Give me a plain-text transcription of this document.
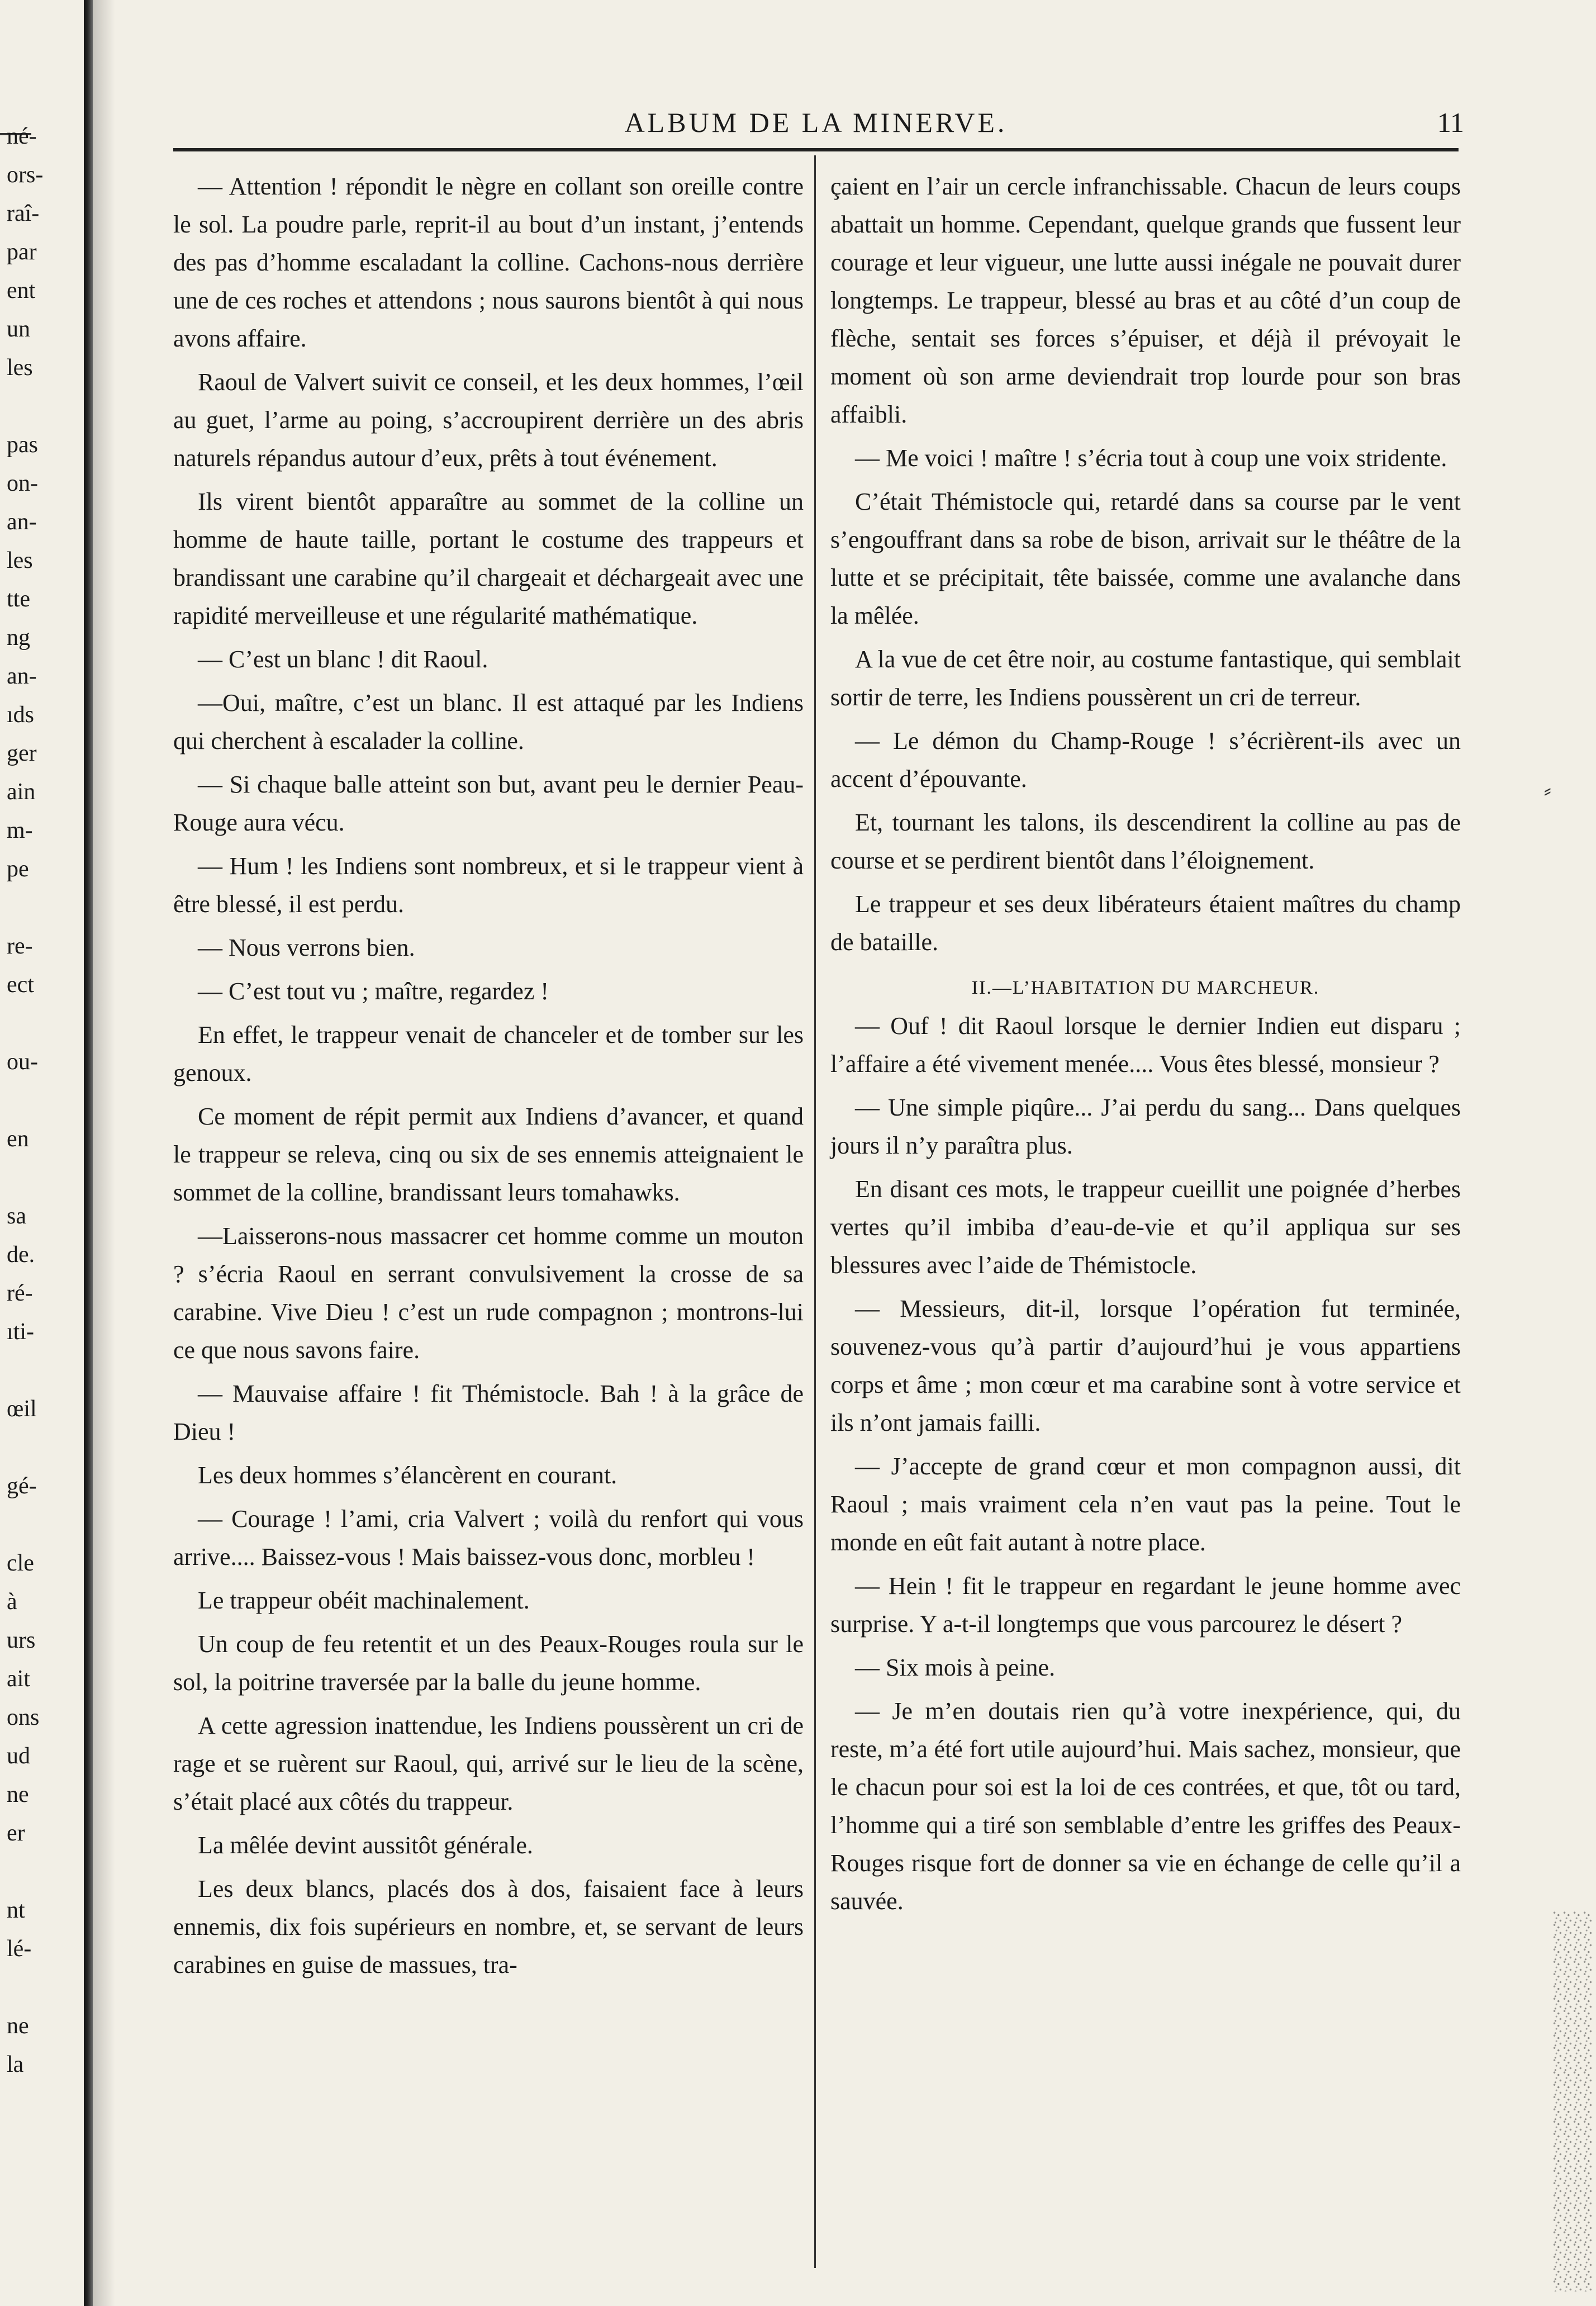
né-
ors-
raî-
par
ent
un
les
pas
on-
an-
les
tte
ng
an-
ıds
ger
ain
m-
pe
re-
ect
ou-
en
sa
de.
ré-
ıti-
œil
gé-
cle
à
urs
ait
ons
ud
ne
er
nt
lé-
ne
la
ALBUM DE LA MINERVE.	11

— Attention ! répondit le nègre en collant son oreille contre le sol. La poudre parle, reprit-il au bout d’un instant, j’entends des pas d’homme escaladant la colline. Cachons-nous derrière une de ces roches et attendons ; nous saurons bientôt à qui nous avons affaire.

Raoul de Valvert suivit ce conseil, et les deux hommes, l’œil au guet, l’arme au poing, s’accroupirent derrière un des abris naturels répandus autour d’eux, prêts à tout événement.

Ils virent bientôt apparaître au sommet de la colline un homme de haute taille, portant le costume des trappeurs et brandissant une carabine qu’il chargeait et déchargeait avec une rapidité merveilleuse et une régularité mathématique.

— C’est un blanc ! dit Raoul.

—Oui, maître, c’est un blanc. Il est attaqué par les Indiens qui cherchent à escalader la colline.

— Si chaque balle atteint son but, avant peu le dernier Peau-Rouge aura vécu.

— Hum ! les Indiens sont nombreux, et si le trappeur vient à être blessé, il est perdu.

— Nous verrons bien.

— C’est tout vu ; maître, regardez !

En effet, le trappeur venait de chanceler et de tomber sur les genoux.

Ce moment de répit permit aux Indiens d’avancer, et quand le trappeur se releva, cinq ou six de ses ennemis atteignaient le sommet de la colline, brandissant leurs tomahawks.

—Laisserons-nous massacrer cet homme comme un mouton ? s’écria Raoul en serrant convulsivement la crosse de sa carabine. Vive Dieu ! c’est un rude compagnon ; montrons-lui ce que nous savons faire.

— Mauvaise affaire ! fit Thémistocle. Bah ! à la grâce de Dieu !

Les deux hommes s’élancèrent en courant.

— Courage ! l’ami, cria Valvert ; voilà du renfort qui vous arrive.... Baissez-vous ! Mais baissez-vous donc, morbleu !

Le trappeur obéit machinalement.

Un coup de feu retentit et un des Peaux-Rouges roula sur le sol, la poitrine traversée par la balle du jeune homme.

A cette agression inattendue, les Indiens poussèrent un cri de rage et se ruèrent sur Raoul, qui, arrivé sur le lieu de la scène, s’était placé aux côtés du trappeur.

La mêlée devint aussitôt générale.

Les deux blancs, placés dos à dos, faisaient face à leurs ennemis, dix fois supérieurs en nombre, et, se servant de leurs carabines en guise de massues, tra-

çaient en l’air un cercle infranchissable. Chacun de leurs coups abattait un homme. Cependant, quelque grands que fussent leur courage et leur vigueur, une lutte aussi inégale ne pouvait durer longtemps. Le trappeur, blessé au bras et au côté d’un coup de flèche, sentait ses forces s’épuiser, et déjà il prévoyait le moment où son arme deviendrait trop lourde pour son bras affaibli.

— Me voici ! maître ! s’écria tout à coup une voix stridente.

C’était Thémistocle qui, retardé dans sa course par le vent s’engouffrant dans sa robe de bison, arrivait sur le théâtre de la lutte et se précipitait, tête baissée, comme une avalanche dans la mêlée.

A la vue de cet être noir, au costume fantastique, qui semblait sortir de terre, les Indiens poussèrent un cri de terreur.

— Le démon du Champ-Rouge ! s’écrièrent-ils avec un accent d’épouvante.

Et, tournant les talons, ils descendirent la colline au pas de course et se perdirent bientôt dans l’éloignement.

Le trappeur et ses deux libérateurs étaient maîtres du champ de bataille.

II.—L’HABITATION DU MARCHEUR.

— Ouf ! dit Raoul lorsque le dernier Indien eut disparu ; l’affaire a été vivement menée.... Vous êtes blessé, monsieur ?

— Une simple piqûre... J’ai perdu du sang... Dans quelques jours il n’y paraîtra plus.

En disant ces mots, le trappeur cueillit une poignée d’herbes vertes qu’il imbiba d’eau-de-vie et qu’il appliqua sur ses blessures avec l’aide de Thémistocle.

— Messieurs, dit-il, lorsque l’opération fut terminée, souvenez-vous qu’à partir d’aujourd’hui je vous appartiens corps et âme ; mon cœur et ma carabine sont à votre service et ils n’ont jamais failli.

— J’accepte de grand cœur et mon compagnon aussi, dit Raoul ; mais vraiment cela n’en vaut pas la peine. Tout le monde en eût fait autant à notre place.

— Hein ! fit le trappeur en regardant le jeune homme avec surprise. Y a-t-il longtemps que vous parcourez le désert ?

— Six mois à peine.

— Je m’en doutais rien qu’à votre inexpérience, qui, du reste, m’a été fort utile aujourd’hui. Mais sachez, monsieur, que le chacun pour soi est la loi de ces contrées, et que, tôt ou tard, l’homme qui a tiré son semblable d’entre les griffes des Peaux-Rouges risque fort de donner sa vie en échange de celle qu’il a sauvée.

⸗
